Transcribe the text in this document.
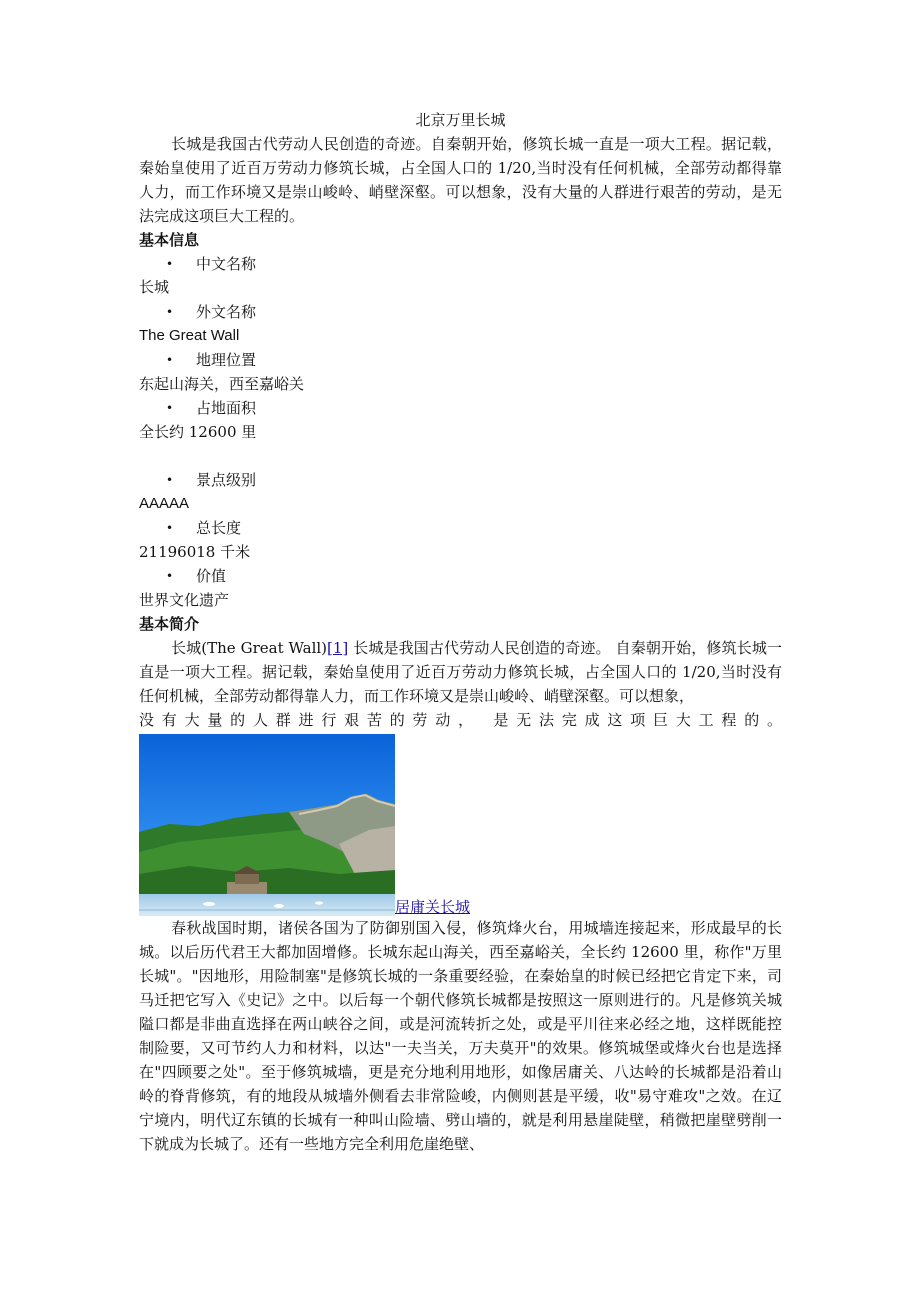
北京万里长城

长城是我国古代劳动人民创造的奇迹。自秦朝开始，修筑长城一直是一项大工程。据记载，秦始皇使用了近百万劳动力修筑长城，占全国人口的 1/20,当时没有任何机械，全部劳动都得靠人力，而工作环境又是崇山峻岭、峭壁深壑。可以想象，没有大量的人群进行艰苦的劳动，是无法完成这项巨大工程的。

基本信息

• 中文名称

长城

• 外文名称

The Great Wall

• 地理位置

东起山海关，西至嘉峪关

• 占地面积

全长约 12600 里

• 景点级别

AAAAA

• 总长度

21196018 千米

• 价值

世界文化遗产

基本简介

长城(The Great Wall)[1] 长城是我国古代劳动人民创造的奇迹。 自秦朝开始，修筑长城一直是一项大工程。据记载，秦始皇使用了近百万劳动力修筑长城，占全国人口的 1/20,当时没有任何机械，全部劳动都得靠人力，而工作环境又是崇山峻岭、峭壁深壑。可以想象，

没有大量的人群进行艰苦的劳动， 是无法完成这项巨大工程的。

居庸关长城

春秋战国时期，诸侯各国为了防御别国入侵，修筑烽火台，用城墙连接起来，形成最早的长城。以后历代君王大都加固增修。长城东起山海关，西至嘉峪关，全长约 12600 里，称作"万里长城"。"因地形，用险制塞"是修筑长城的一条重要经验，在秦始皇的时候已经把它肯定下来，司马迁把它写入《史记》之中。以后每一个朝代修筑长城都是按照这一原则进行的。凡是修筑关城隘口都是非曲直选择在两山峡谷之间，或是河流转折之处，或是平川往来必经之地，这样既能控制险要，又可节约人力和材料，以达"一夫当关，万夫莫开"的效果。修筑城堡或烽火台也是选择在"四顾要之处"。至于修筑城墙，更是充分地利用地形，如像居庸关、八达岭的长城都是沿着山岭的脊背修筑，有的地段从城墙外侧看去非常险峻，内侧则甚是平缓，收"易守难攻"之效。在辽宁境内，明代辽东镇的长城有一种叫山险墙、劈山墙的，就是利用悬崖陡壁，稍微把崖壁劈削一下就成为长城了。还有一些地方完全利用危崖绝壁、
